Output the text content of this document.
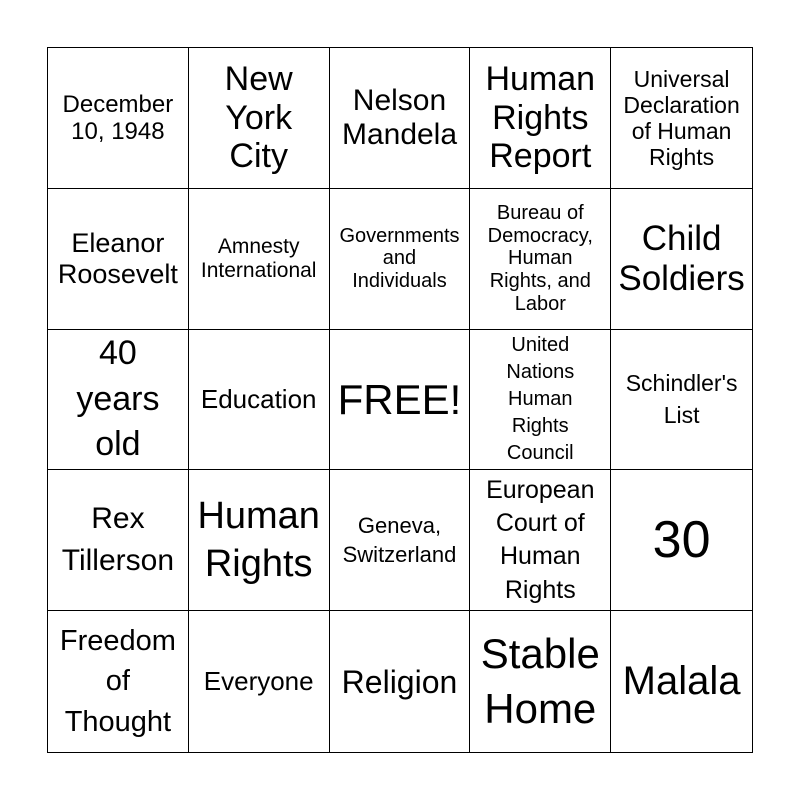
December
10, 1948
New
York
City
Nelson
Mandela
Human
Rights
Report
Universal
Declaration
of Human
Rights
Eleanor
Roosevelt
Amnesty
International
Governments
and
Individuals
Bureau of
Democracy,
Human
Rights, and
Labor
Child
Soldiers
40
years
old
Education FREE!
United
Nations
Human
Rights
Council
Schindler's
List
Rex
Tillerson
Human
Rights
Geneva,
Switzerland
European
Court of
Human
Rights
30
Freedom
of
Thought
Everyone Religion
Stable
Home
Malala
